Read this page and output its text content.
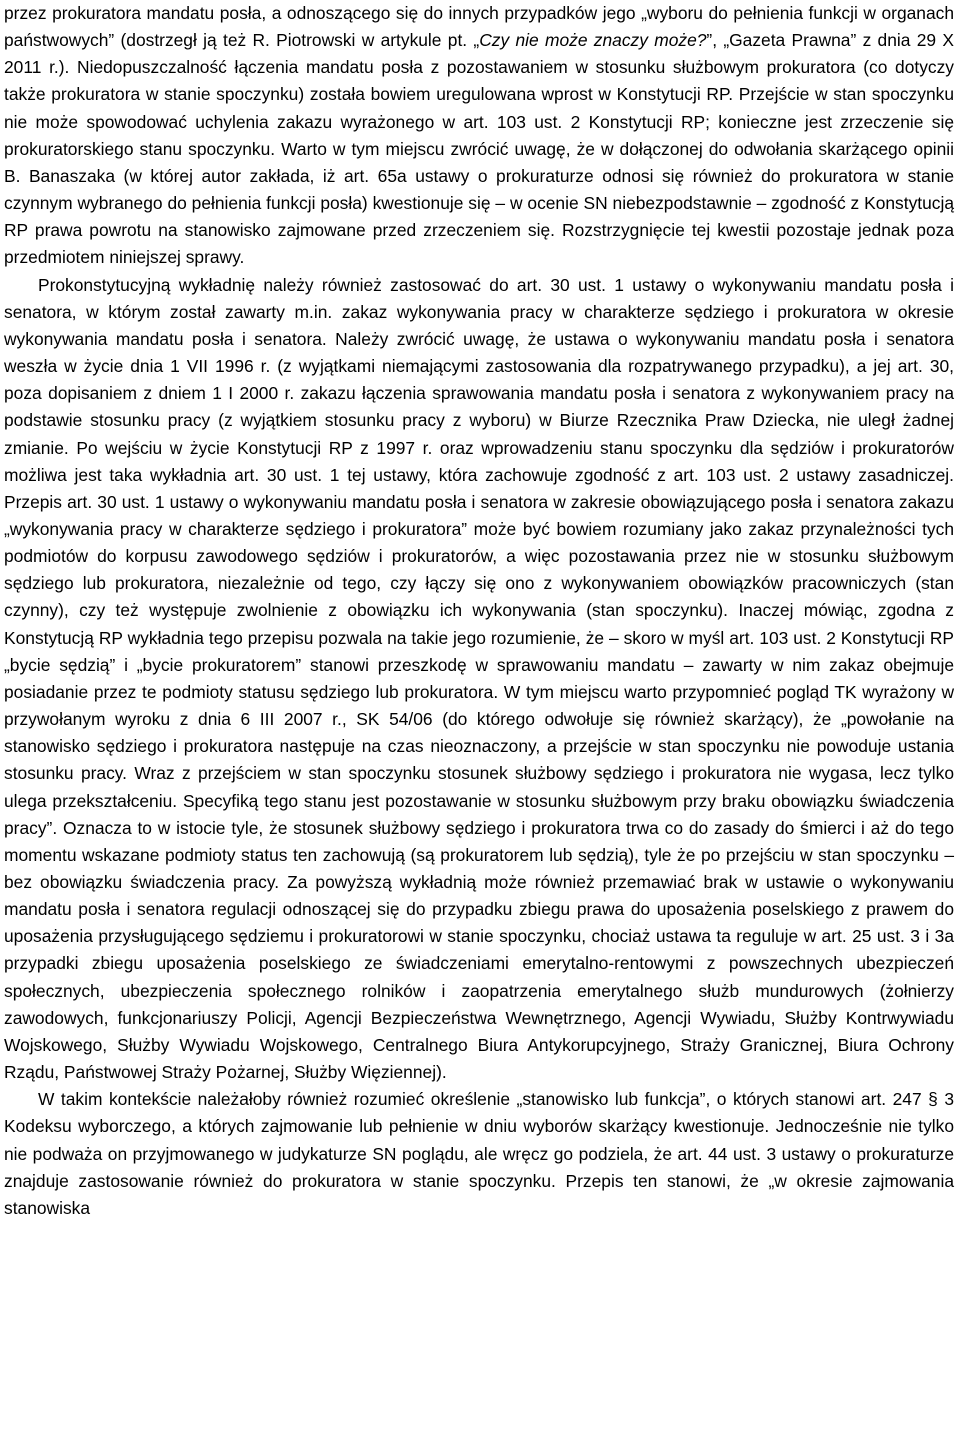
przez prokuratora mandatu posła, a odnoszącego się do innych przypadków jego „wyboru do pełnienia funkcji w organach państwowych” (dostrzegł ją też R. Piotrowski w artykule pt. „Czy nie może znaczy może?”, „Gazeta Prawna” z dnia 29 X 2011 r.). Niedopuszczalność łączenia mandatu posła z pozostawaniem w stosunku służbowym prokuratora (co dotyczy także prokuratora w stanie spoczynku) została bowiem uregulowana wprost w Konstytucji RP. Przejście w stan spoczynku nie może spowodować uchylenia zakazu wyrażonego w art. 103 ust. 2 Konstytucji RP; konieczne jest zrzeczenie się prokuratorskiego stanu spoczynku. Warto w tym miejscu zwrócić uwagę, że w dołączonej do odwołania skarżącego opinii B. Banaszaka (w której autor zakłada, iż art. 65a ustawy o prokuraturze odnosi się również do prokuratora w stanie czynnym wybranego do pełnienia funkcji posła) kwestionuje się – w ocenie SN niebezpodstawnie – zgodność z Konstytucją RP prawa powrotu na stanowisko zajmowane przed zrzeczeniem się. Rozstrzygnięcie tej kwestii pozostaje jednak poza przedmiotem niniejszej sprawy.

Prokonstytucyjną wykładnię należy również zastosować do art. 30 ust. 1 ustawy o wykonywaniu mandatu posła i senatora, w którym został zawarty m.in. zakaz wykonywania pracy w charakterze sędziego i prokuratora w okresie wykonywania mandatu posła i senatora. Należy zwrócić uwagę, że ustawa o wykonywaniu mandatu posła i senatora weszła w życie dnia 1 VII 1996 r. (z wyjątkami niemającymi zastosowania dla rozpatrywanego przypadku), a jej art. 30, poza dopisaniem z dniem 1 I 2000 r. zakazu łączenia sprawowania mandatu posła i senatora z wykonywaniem pracy na podstawie stosunku pracy (z wyjątkiem stosunku pracy z wyboru) w Biurze Rzecznika Praw Dziecka, nie uległ żadnej zmianie. Po wejściu w życie Konstytucji RP z 1997 r. oraz wprowadzeniu stanu spoczynku dla sędziów i prokuratorów możliwa jest taka wykładnia art. 30 ust. 1 tej ustawy, która zachowuje zgodność z art. 103 ust. 2 ustawy zasadniczej. Przepis art. 30 ust. 1 ustawy o wykonywaniu mandatu posła i senatora w zakresie obowiązującego posła i senatora zakazu „wykonywania pracy w charakterze sędziego i prokuratora” może być bowiem rozumiany jako zakaz przynależności tych podmiotów do korpusu zawodowego sędziów i prokuratorów, a więc pozostawania przez nie w stosunku służbowym sędziego lub prokuratora, niezależnie od tego, czy łączy się ono z wykonywaniem obowiązków pracowniczych (stan czynny), czy też występuje zwolnienie z obowiązku ich wykonywania (stan spoczynku). Inaczej mówiąc, zgodna z Konstytucją RP wykładnia tego przepisu pozwala na takie jego rozumienie, że – skoro w myśl art. 103 ust. 2 Konstytucji RP „bycie sędzią” i „bycie prokuratorem” stanowi przeszkodę w sprawowaniu mandatu – zawarty w nim zakaz obejmuje posiadanie przez te podmioty statusu sędziego lub prokuratora. W tym miejscu warto przypomnieć pogląd TK wyrażony w przywołanym wyroku z dnia 6 III 2007 r., SK 54/06 (do którego odwołuje się również skarżący), że „powołanie na stanowisko sędziego i prokuratora następuje na czas nieoznaczony, a przejście w stan spoczynku nie powoduje ustania stosunku pracy. Wraz z przejściem w stan spoczynku stosunek służbowy sędziego i prokuratora nie wygasa, lecz tylko ulega przekształceniu. Specyfiką tego stanu jest pozostawanie w stosunku służbowym przy braku obowiązku świadczenia pracy”. Oznacza to w istocie tyle, że stosunek służbowy sędziego i prokuratora trwa co do zasady do śmierci i aż do tego momentu wskazane podmioty status ten zachowują (są prokuratorem lub sędzią), tyle że po przejściu w stan spoczynku – bez obowiązku świadczenia pracy. Za powyższą wykładnią może również przemawiać brak w ustawie o wykonywaniu mandatu posła i senatora regulacji odnoszącej się do przypadku zbiegu prawa do uposażenia poselskiego z prawem do uposażenia przysługującego sędziemu i prokuratorowi w stanie spoczynku, chociaż ustawa ta reguluje w art. 25 ust. 3 i 3a przypadki zbiegu uposażenia poselskiego ze świadczeniami emerytalno-rentowymi z powszechnych ubezpieczeń społecznych, ubezpieczenia społecznego rolników i zaopatrzenia emerytalnego służb mundurowych (żołnierzy zawodowych, funkcjonariuszy Policji, Agencji Bezpieczeństwa Wewnętrznego, Agencji Wywiadu, Służby Kontrwywiadu Wojskowego, Służby Wywiadu Wojskowego, Centralnego Biura Antykorupcyjnego, Straży Granicznej, Biura Ochrony Rządu, Państwowej Straży Pożarnej, Służby Więziennej).

W takim kontekście należałoby również rozumieć określenie „stanowisko lub funkcja”, o których stanowi art. 247 § 3 Kodeksu wyborczego, a których zajmowanie lub pełnienie w dniu wyborów skarżący kwestionuje. Jednocześnie nie tylko nie podważa on przyjmowanego w judykaturze SN poglądu, ale wręcz go podziela, że art. 44 ust. 3 ustawy o prokuraturze znajduje zastosowanie również do prokuratora w stanie spoczynku. Przepis ten stanowi, że „w okresie zajmowania stanowiska
